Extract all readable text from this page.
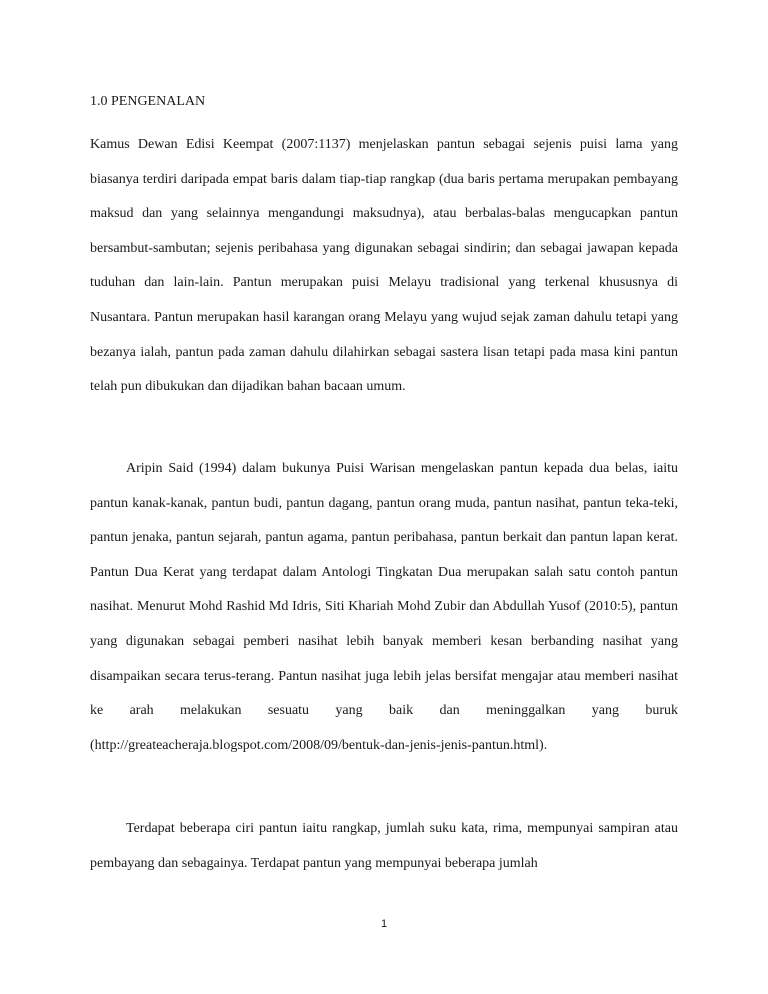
1.0 PENGENALAN

Kamus Dewan Edisi Keempat (2007:1137) menjelaskan pantun sebagai sejenis puisi lama yang biasanya terdiri daripada empat baris dalam tiap-tiap rangkap (dua baris pertama merupakan pembayang maksud dan yang selainnya mengandungi maksudnya), atau berbalas-balas mengucapkan pantun bersambut-sambutan; sejenis peribahasa yang digunakan sebagai sindirin; dan sebagai jawapan kepada tuduhan dan lain-lain. Pantun merupakan puisi Melayu tradisional yang terkenal khususnya di Nusantara. Pantun merupakan hasil karangan orang Melayu yang wujud sejak zaman dahulu tetapi yang bezanya ialah, pantun pada zaman dahulu dilahirkan sebagai sastera lisan tetapi pada masa kini pantun telah pun dibukukan dan dijadikan bahan bacaan umum.

Aripin Said (1994) dalam bukunya Puisi Warisan mengelaskan pantun kepada dua belas, iaitu pantun kanak-kanak, pantun budi, pantun dagang, pantun orang muda, pantun nasihat, pantun teka-teki, pantun jenaka, pantun sejarah, pantun agama, pantun peribahasa, pantun berkait dan pantun lapan kerat. Pantun Dua Kerat yang terdapat dalam Antologi Tingkatan Dua merupakan salah satu contoh pantun nasihat. Menurut Mohd Rashid Md Idris, Siti Khariah Mohd Zubir dan Abdullah Yusof (2010:5), pantun yang digunakan sebagai pemberi nasihat lebih banyak memberi kesan berbanding nasihat yang disampaikan secara terus-terang. Pantun nasihat juga lebih jelas bersifat mengajar atau memberi nasihat ke arah melakukan sesuatu yang baik dan meninggalkan yang buruk (http://greateacheraja.blogspot.com/2008/09/bentuk-dan-jenis-jenis-pantun.html).

Terdapat beberapa ciri pantun iaitu rangkap, jumlah suku kata, rima, mempunyai sampiran atau pembayang dan sebagainya. Terdapat pantun yang mempunyai beberapa jumlah

1
